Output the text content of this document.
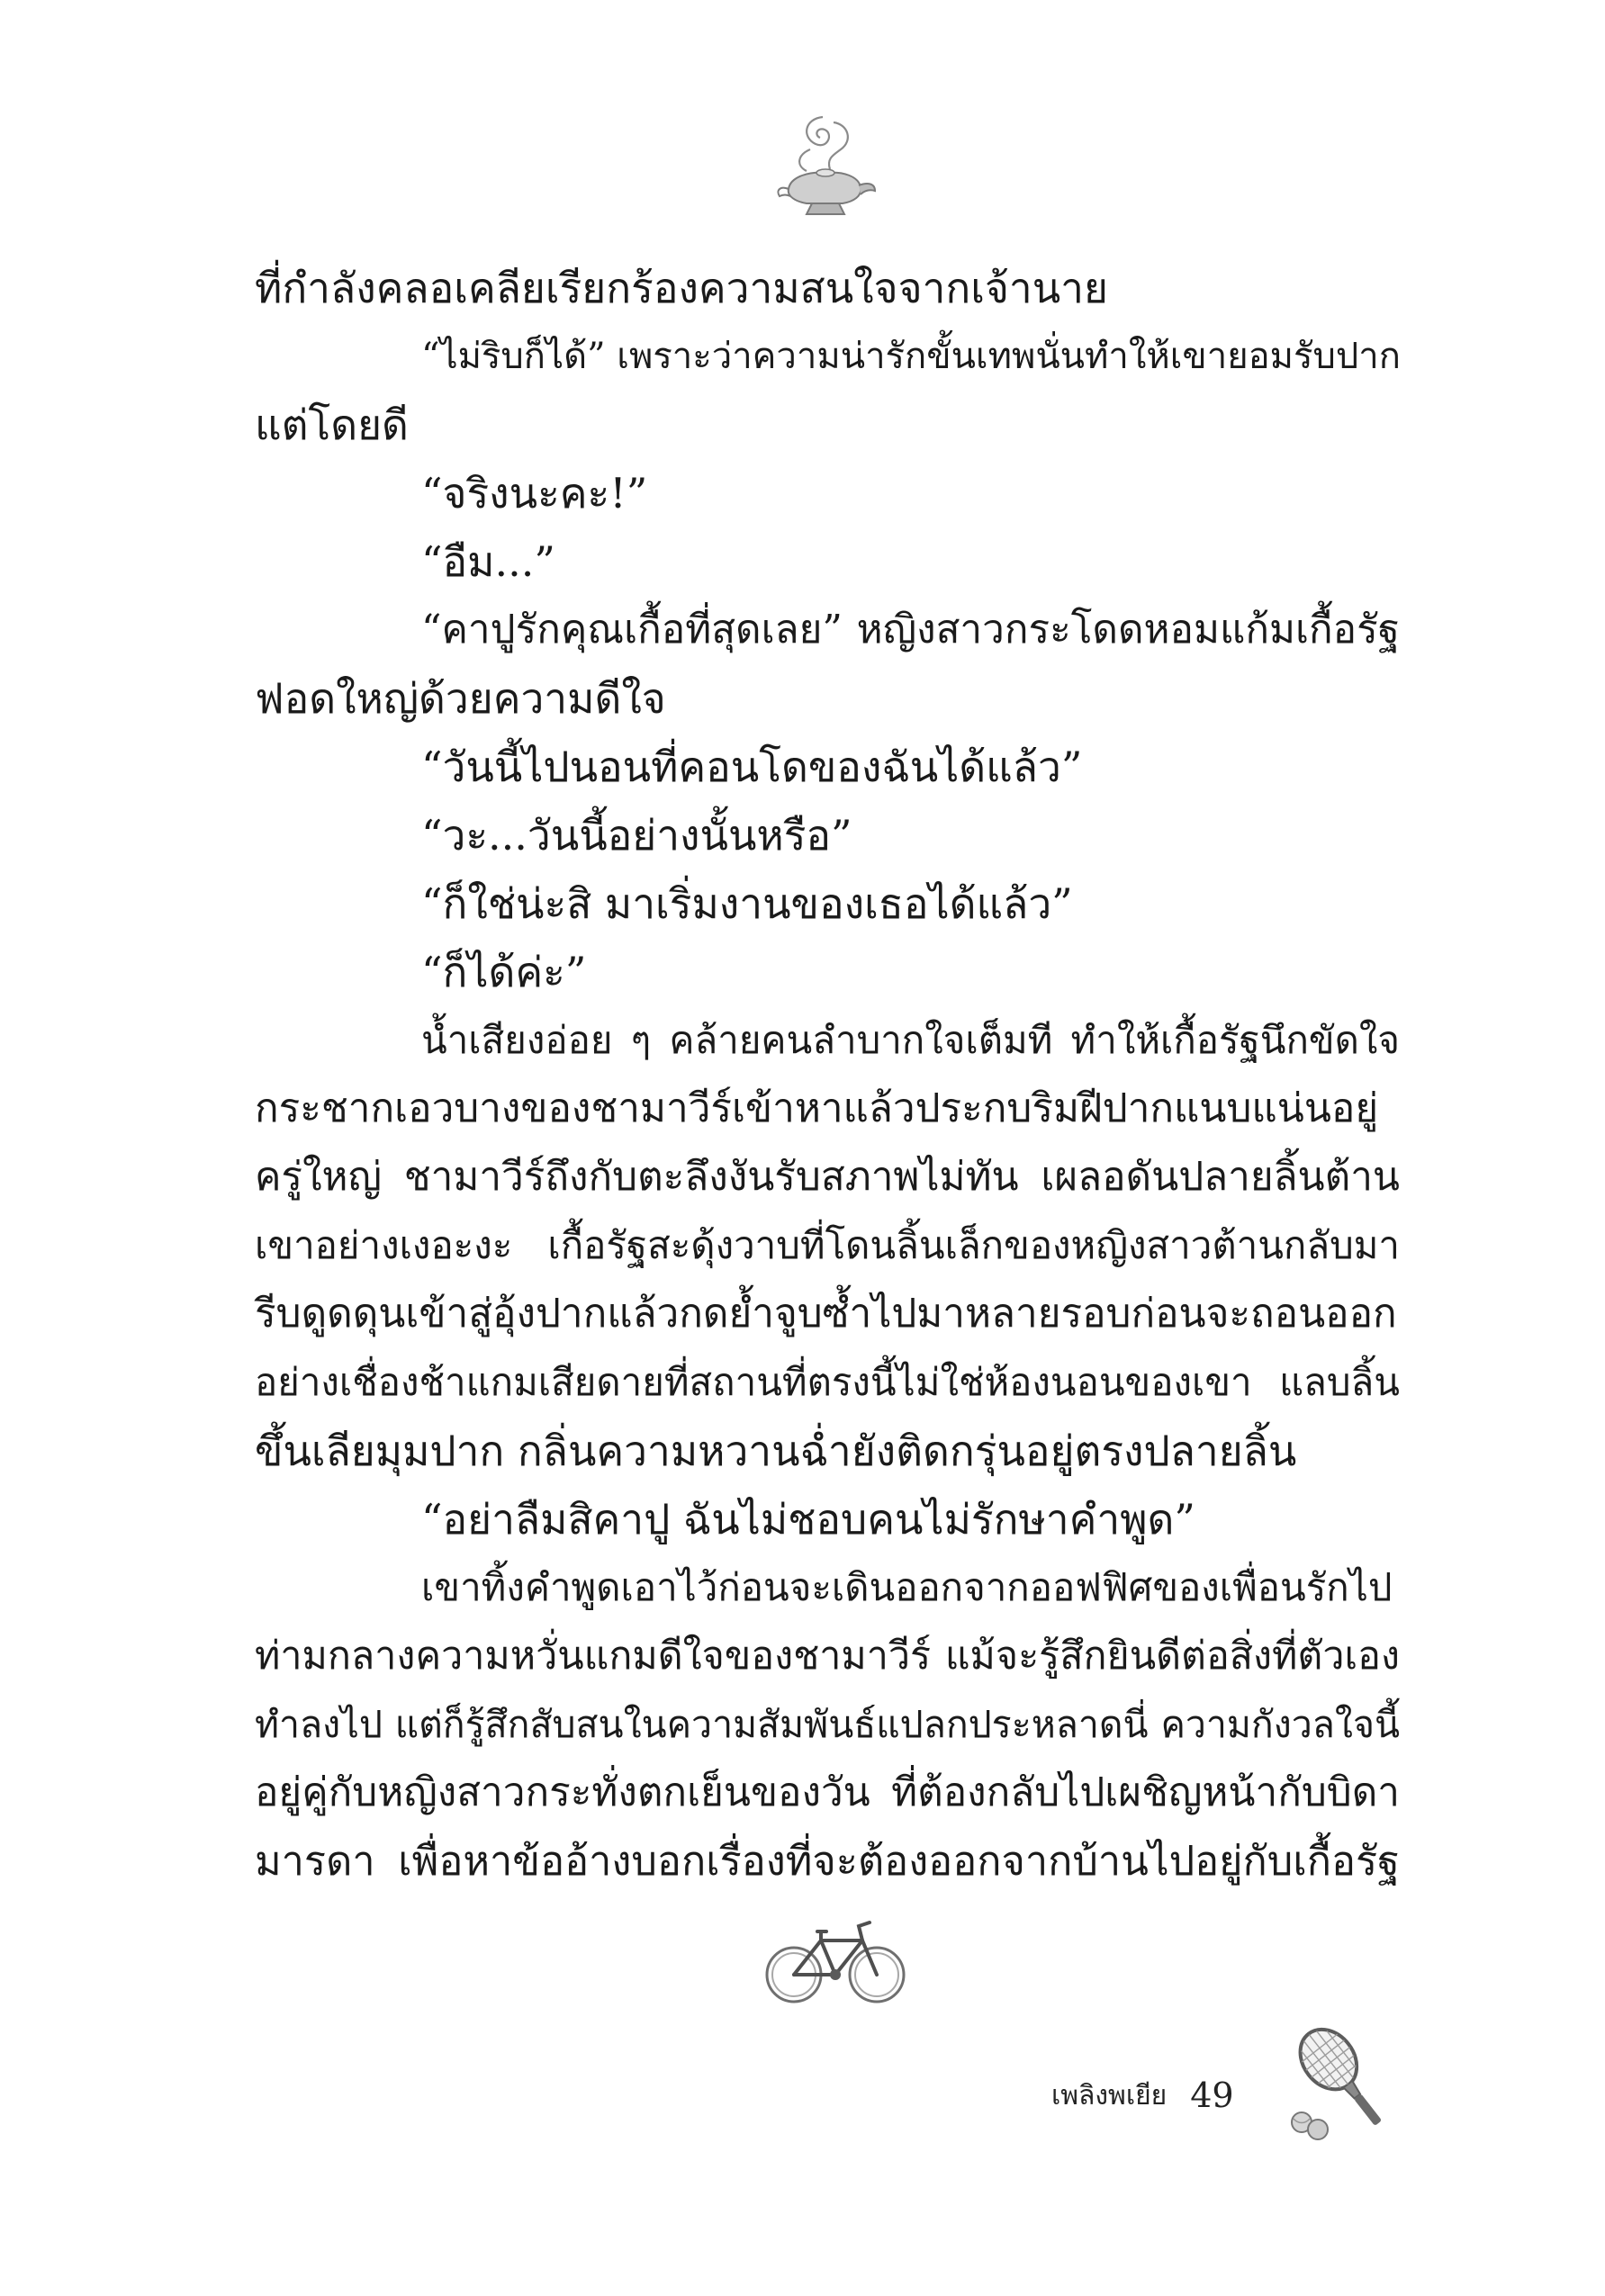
ที่กำลังคลอเคลียเรียกร้องความสนใจจากเจ้านาย
“ไม่ริบก็ได้” เพราะว่าความน่ารักขั้นเทพนั่นทำให้เขายอมรับปาก
แต่โดยดี
“จริงนะคะ!”
“อืม...”
“คาปูรักคุณเกื้อที่สุดเลย” หญิงสาวกระโดดหอมแก้มเกื้อรัฐ
ฟอดใหญ่ด้วยความดีใจ
“วันนี้ไปนอนที่คอนโดของฉันได้แล้ว”
“วะ...วันนี้อย่างนั้นหรือ”
“ก็ใช่น่ะสิ มาเริ่มงานของเธอได้แล้ว”
“ก็ได้ค่ะ”
น้ำเสียงอ่อย ๆ คล้ายคนลำบากใจเต็มที ทำให้เกื้อรัฐนึกขัดใจ
กระชากเอวบางของชามาวีร์เข้าหาแล้วประกบริมฝีปากแนบแน่นอยู่
ครู่ใหญ่ ชามาวีร์ถึงกับตะลึงงันรับสภาพไม่ทัน เผลอดันปลายลิ้นต้าน
เขาอย่างเงอะงะ เกื้อรัฐสะดุ้งวาบที่โดนลิ้นเล็กของหญิงสาวต้านกลับมา
รีบดูดดุนเข้าสู่อุ้งปากแล้วกดย้ำจูบซ้ำไปมาหลายรอบก่อนจะถอนออก
อย่างเชื่องช้าแกมเสียดายที่สถานที่ตรงนี้ไม่ใช่ห้องนอนของเขา แลบลิ้น
ขึ้นเลียมุมปาก กลิ่นความหวานฉ่ำยังติดกรุ่นอยู่ตรงปลายลิ้น
“อย่าลืมสิคาปู ฉันไม่ชอบคนไม่รักษาคำพูด”
เขาทิ้งคำพูดเอาไว้ก่อนจะเดินออกจากออฟฟิศของเพื่อนรักไป
ท่ามกลางความหวั่นแกมดีใจของชามาวีร์ แม้จะรู้สึกยินดีต่อสิ่งที่ตัวเอง
ทำลงไป แต่ก็รู้สึกสับสนในความสัมพันธ์แปลกประหลาดนี่ ความกังวลใจนี้
อยู่คู่กับหญิงสาวกระทั่งตกเย็นของวัน ที่ต้องกลับไปเผชิญหน้ากับบิดา
มารดา เพื่อหาข้ออ้างบอกเรื่องที่จะต้องออกจากบ้านไปอยู่กับเกื้อรัฐ
เพลิงพเยีย 49
